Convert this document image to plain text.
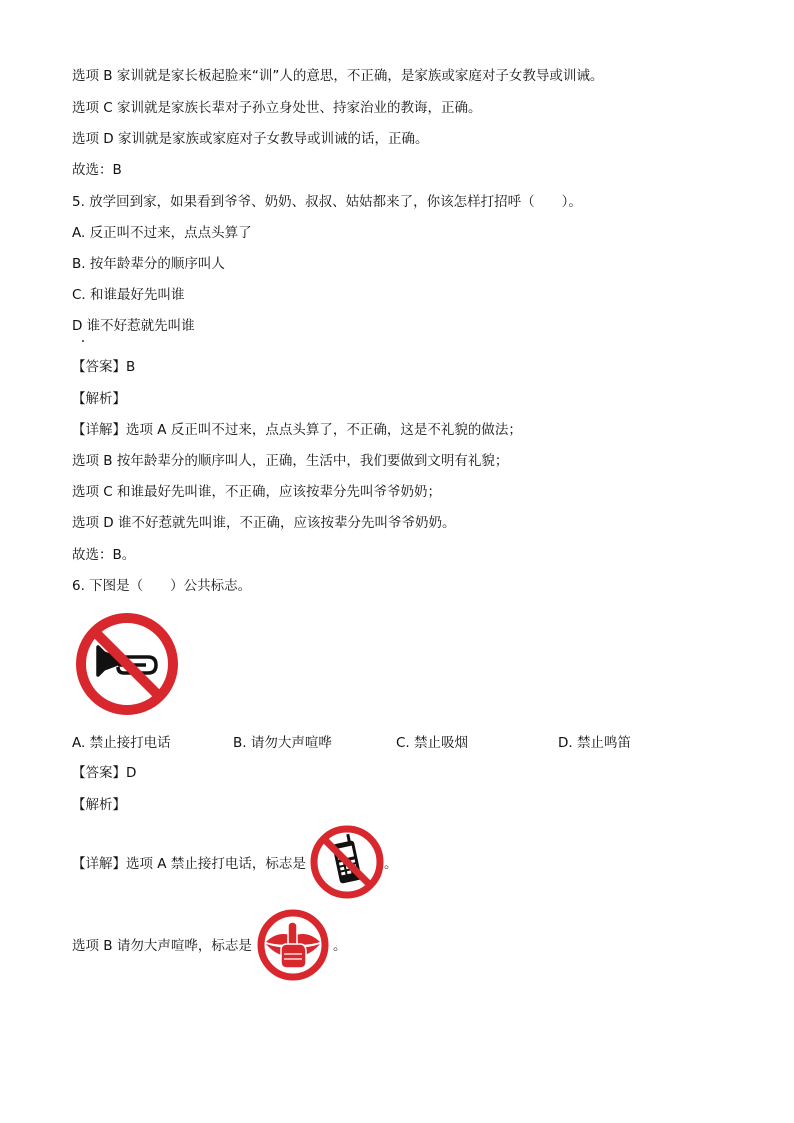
选项 B 家训就是家长板起脸来“训”人的意思，不正确，是家族或家庭对子女教导或训诫。
选项 C 家训就是家族长辈对子孙立身处世、持家治业的教诲，正确。
选项 D 家训就是家族或家庭对子女教导或训诫的话，正确。
故选：B
5. 放学回到家，如果看到爷爷、奶奶、叔叔、姑姑都来了，你该怎样打招呼（　　）。
A. 反正叫不过来，点点头算了
B. 按年龄辈分的顺序叫人
C. 和谁最好先叫谁
D 谁不好惹就先叫谁
【答案】B
【解析】
【详解】选项 A 反正叫不过来，点点头算了，不正确，这是不礼貌的做法；
选项 B 按年龄辈分的顺序叫人，正确，生活中，我们要做到文明有礼貌；
选项 C 和谁最好先叫谁，不正确，应该按辈分先叫爷爷奶奶；
选项 D 谁不好惹就先叫谁，不正确，应该按辈分先叫爷爷奶奶。
故选：B。
6. 下图是（　　）公共标志。
A. 禁止接打电话	B. 请勿大声喧哗	C. 禁止吸烟	D. 禁止鸣笛
【答案】D
【解析】
【详解】选项 A 禁止接打电话，标志是	。
选项 B 请勿大声喧哗，标志是	。
